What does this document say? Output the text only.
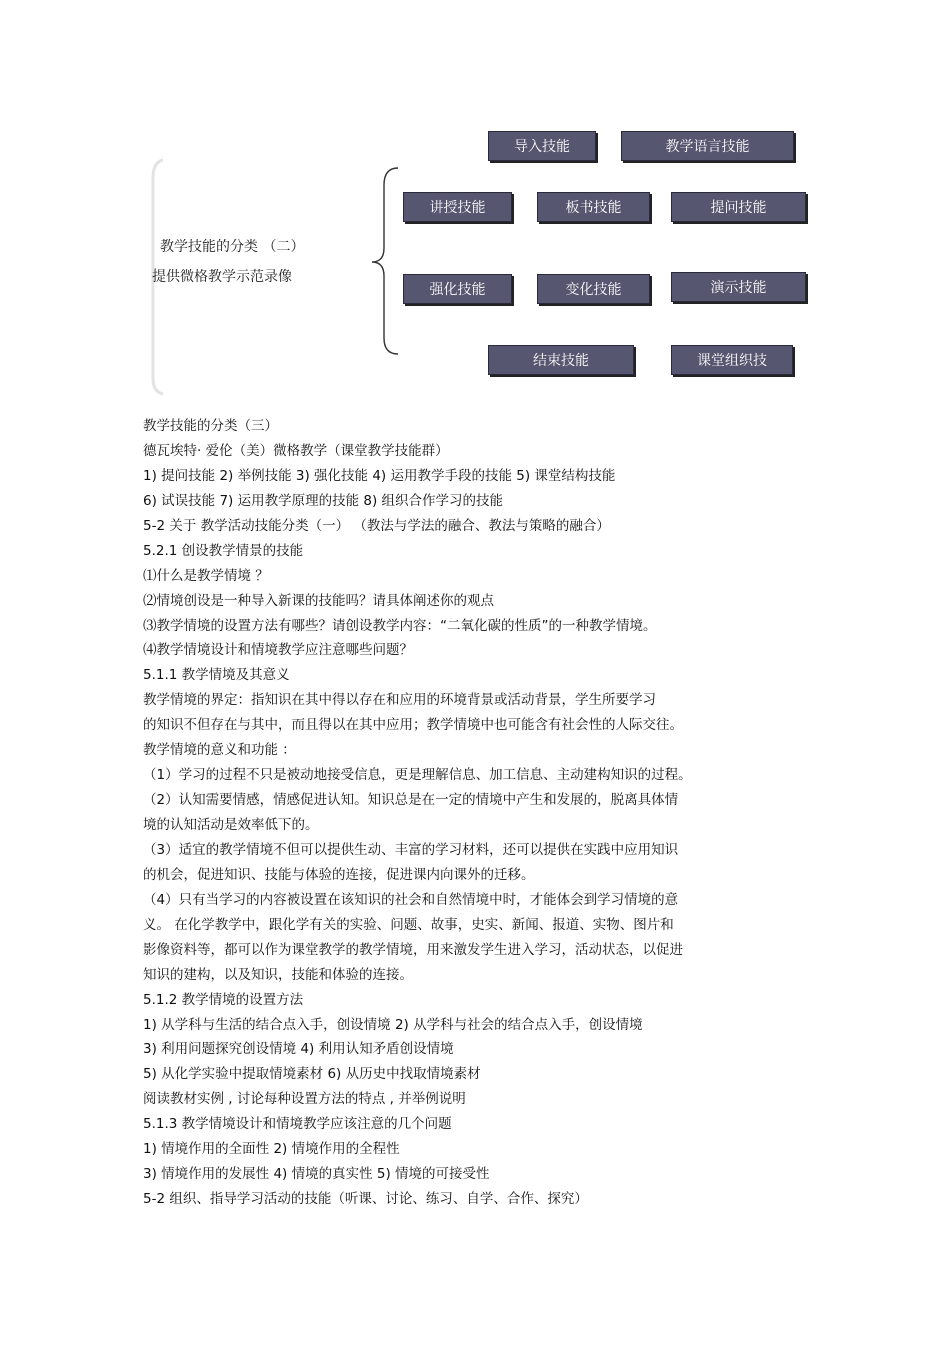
教学技能的分类 （二）
提供微格教学示范录像
导入技能	教学语言技能
讲授技能	板书技能	提问技能
强化技能	变化技能	演示技能
结束技能	课堂组织技
教学技能的分类（三）
德瓦埃特· 爱伦（美）微格教学（课堂教学技能群）
1) 提问技能 2) 举例技能 3) 强化技能 4) 运用教学手段的技能 5) 课堂结构技能
6) 试误技能 7) 运用教学原理的技能 8) 组织合作学习的技能
5-2 关于 教学活动技能分类（一） （教法与学法的融合、教法与策略的融合）
5.2.1 创设教学情景的技能
⑴什么是教学情境 ？
⑵情境创设是一种导入新课的技能吗？请具体阐述你的观点
⑶教学情境的设置方法有哪些？请创设教学内容：“二氧化碳的性质”的一种教学情境。
⑷教学情境设计和情境教学应注意哪些问题？
5.1.1 教学情境及其意义
教学情境的界定：指知识在其中得以存在和应用的环境背景或活动背景，学生所要学习
的知识不但存在与其中，而且得以在其中应用；教学情境中也可能含有社会性的人际交往。
教学情境的意义和功能 ：
（1）学习的过程不只是被动地接受信息，更是理解信息、加工信息、主动建构知识的过程。
（2）认知需要情感，情感促进认知。知识总是在一定的情境中产生和发展的，脱离具体情
境的认知活动是效率低下的。
（3）适宜的教学情境不但可以提供生动、丰富的学习材料，还可以提供在实践中应用知识
的机会，促进知识、技能与体验的连接，促进课内向课外的迁移。
（4）只有当学习的内容被设置在该知识的社会和自然情境中时，才能体会到学习情境的意
义。 在化学教学中，跟化学有关的实验、问题、故事，史实、新闻、报道、实物、图片和
影像资料等，都可以作为课堂教学的教学情境，用来激发学生进入学习，活动状态，以促进
知识的建构，以及知识，技能和体验的连接。
5.1.2 教学情境的设置方法
1) 从学科与生活的结合点入手，创设情境 2) 从学科与社会的结合点入手，创设情境
3) 利用问题探究创设情境 4) 利用认知矛盾创设情境
5) 从化学实验中提取情境素材 6) 从历史中找取情境素材
阅读教材实例 , 讨论每种设置方法的特点 , 并举例说明
5.1.3 教学情境设计和情境教学应该注意的几个问题
1) 情境作用的全面性 2) 情境作用的全程性
3) 情境作用的发展性 4) 情境的真实性 5) 情境的可接受性
5-2 组织、指导学习活动的技能（听课、讨论、练习、自学、合作、探究）
